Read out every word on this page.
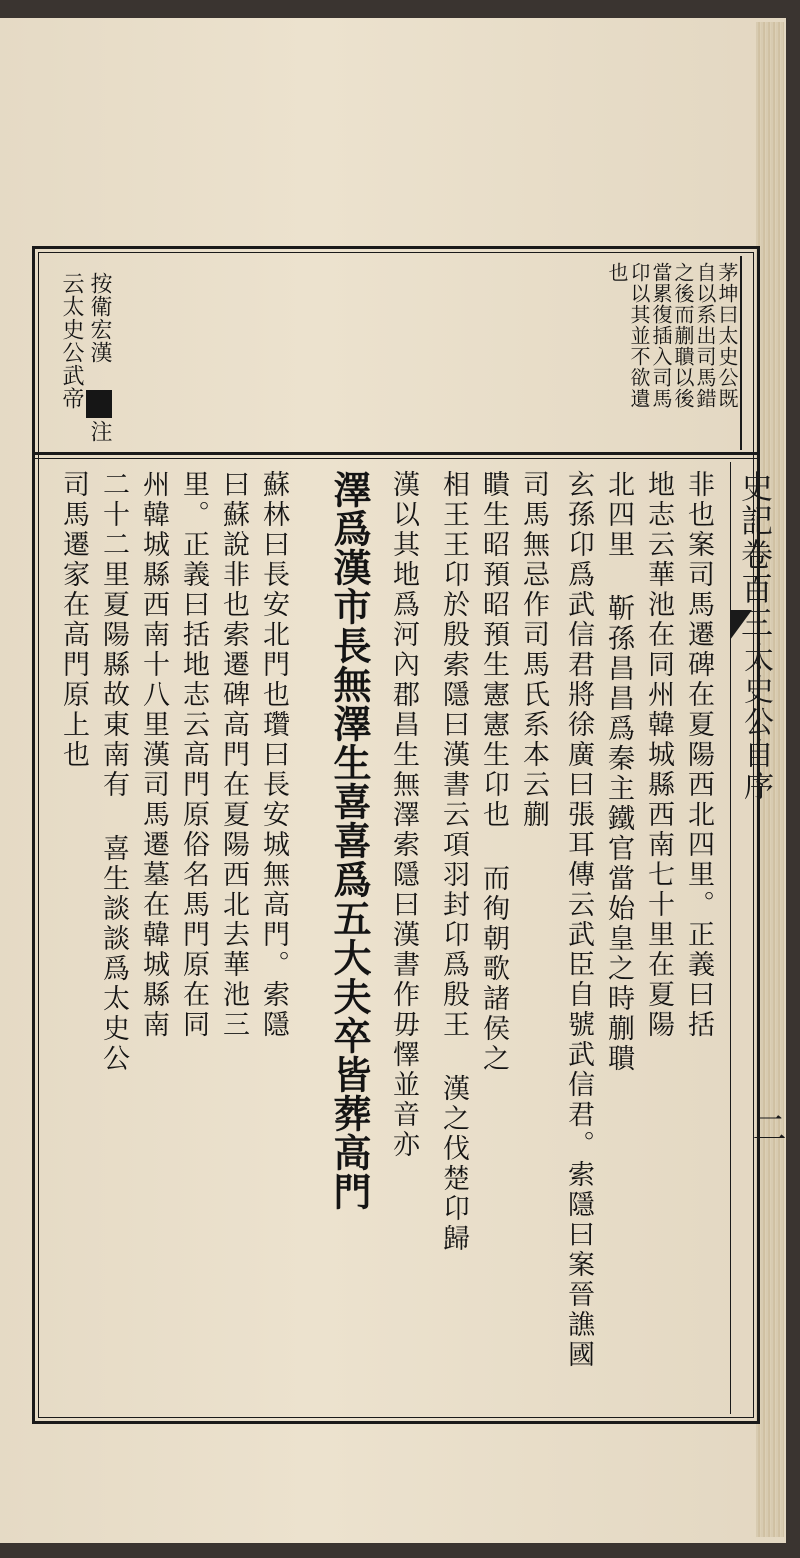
茅坤曰太史公既
自以系出司馬錯
之後而蒯聵以後
當累復插入司馬
卬以其並不欲遺
也
按衛宏漢
注
云太史公武帝
史記卷百三
太史公自序
二
非也案司馬遷碑在夏陽西北四里。正義曰括
地志云華池在同州韓城縣西南七十里在夏陽
北四里 靳孫昌昌爲秦主鐵官當始皇之時蒯聵
玄孫卬爲武信君將徐廣曰張耳傳云武臣自號武信君。索隱曰案晉譙國
司馬無忌作司馬氏系本云蒯
瞶生昭預昭預生憲憲生卬也 而徇朝歌諸侯之
相王王卬於殷索隱曰漢書云項羽封卬爲殷王 漢之伐楚卬歸
漢以其地爲河內郡昌生無澤索隱曰漢書作毋懌並音亦
澤爲漢市長無澤生喜喜爲五大夫卒皆葬高門
蘇林曰長安北門也瓚曰長安城無高門。索隱
曰蘇說非也索遷碑高門在夏陽西北去華池三
里。正義曰括地志云高門原俗名馬門原在同
州韓城縣西南十八里漢司馬遷墓在韓城縣南
二十二里夏陽縣故東南有 喜生談談爲太史公
司馬遷家在高門原上也
